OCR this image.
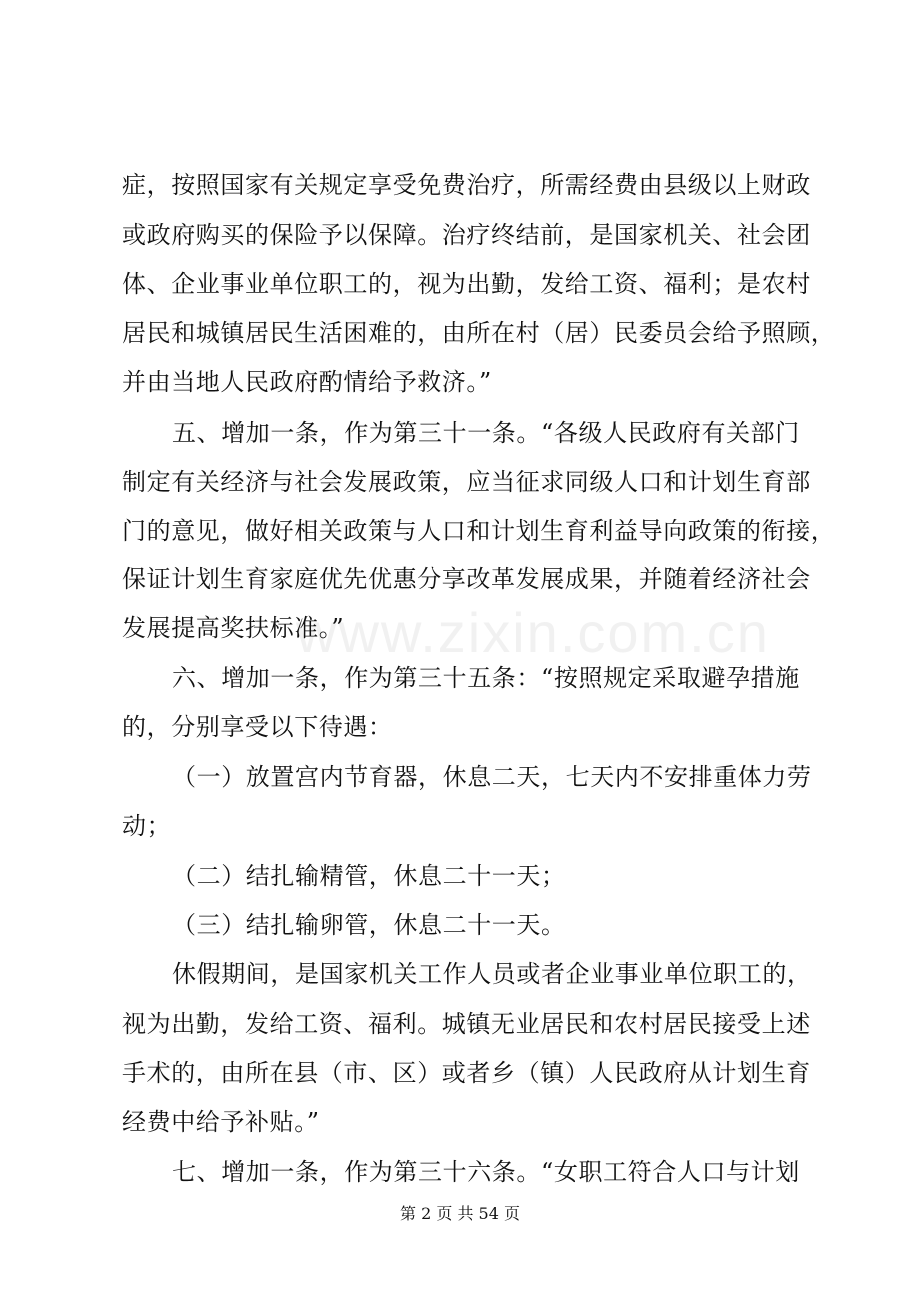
www.zixin.com.cn
症，按照国家有关规定享受免费治疗，所需经费由县级以上财政
或政府购买的保险予以保障。治疗终结前，是国家机关、社会团
体、企业事业单位职工的，视为出勤，发给工资、福利；是农村
居民和城镇居民生活困难的，由所在村（居）民委员会给予照顾，
并由当地人民政府酌情给予救济。”
五、增加一条，作为第三十一条。“各级人民政府有关部门
制定有关经济与社会发展政策，应当征求同级人口和计划生育部
门的意见，做好相关政策与人口和计划生育利益导向政策的衔接，
保证计划生育家庭优先优惠分享改革发展成果，并随着经济社会
发展提高奖扶标准。”
六、增加一条，作为第三十五条：“按照规定采取避孕措施
的，分别享受以下待遇：
（一）放置宫内节育器，休息二天，七天内不安排重体力劳
动；
（二）结扎输精管，休息二十一天；
（三）结扎输卵管，休息二十一天。
休假期间，是国家机关工作人员或者企业事业单位职工的，
视为出勤，发给工资、福利。城镇无业居民和农村居民接受上述
手术的，由所在县（市、区）或者乡（镇）人民政府从计划生育
经费中给予补贴。”
七、增加一条，作为第三十六条。“女职工符合人口与计划
第 2 页 共 54 页
